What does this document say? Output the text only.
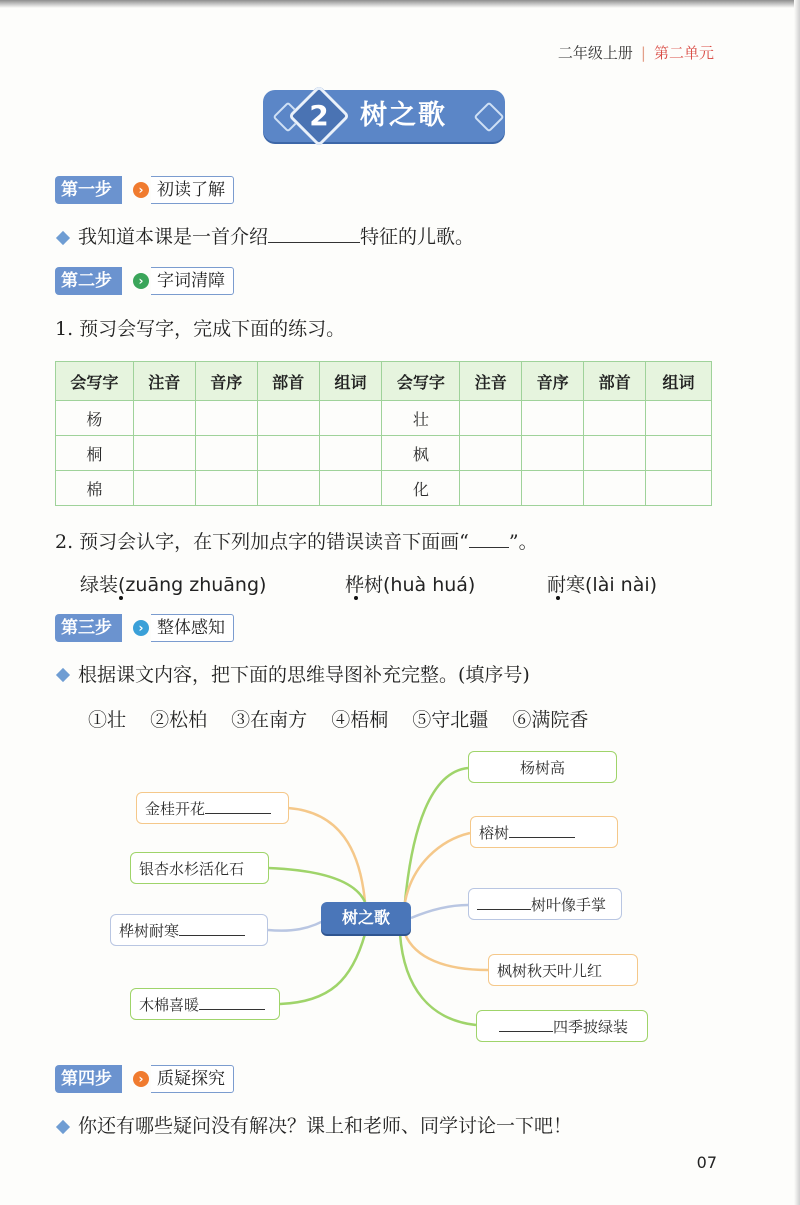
二年级上册 | 第二单元
2	树之歌
第一步	› 初读了解
我知道本课是一首介绍	特征的儿歌。
第二步	› 字词清障
1. 预习会写字，完成下面的练习。
会写字	注音	音序	部首	组词	会写字	注音	音序	部首	组词
杨					壮				
桐					枫				
棉					化				
2. 预习会认字，在下列加点字的错误读音下面画“ ”。
绿装(zuāng zhuāng)	桦树(huà huá)	耐寒(lài nài)
第三步	› 整体感知
根据课文内容，把下面的思维导图补充完整。(填序号)
①壮 ②松柏 ③在南方 ④梧桐 ⑤守北疆 ⑥满院香
树之歌
金桂开花
银杏水杉活化石
桦树耐寒
木棉喜暖
杨树高
榕树
树叶像手掌
枫树秋天叶儿红
四季披绿装
第四步	› 质疑探究
你还有哪些疑问没有解决？课上和老师、同学讨论一下吧！
07
